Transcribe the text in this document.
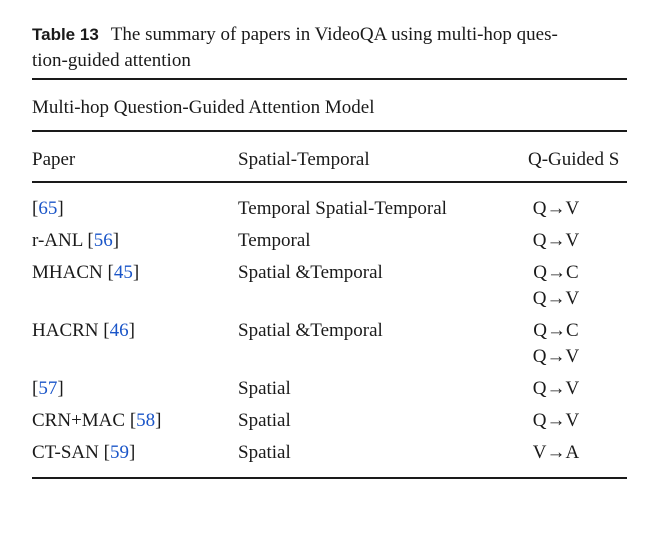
Table 13 The summary of papers in VideoQA using multi-hop ques-
tion-guided attention
Multi-hop Question-Guided Attention Model
Paper	Spatial-Temporal	Q-Guided S
[65]	Temporal Spatial-Temporal	Q→V
r-ANL [56]	Temporal	Q→V
MHACN [45]	Spatial &Temporal	Q→C
Q→V
HACRN [46]	Spatial &Temporal	Q→C
Q→V
[57]	Spatial	Q→V
CRN+MAC [58]	Spatial	Q→V
CT-SAN [59]	Spatial	V→A
